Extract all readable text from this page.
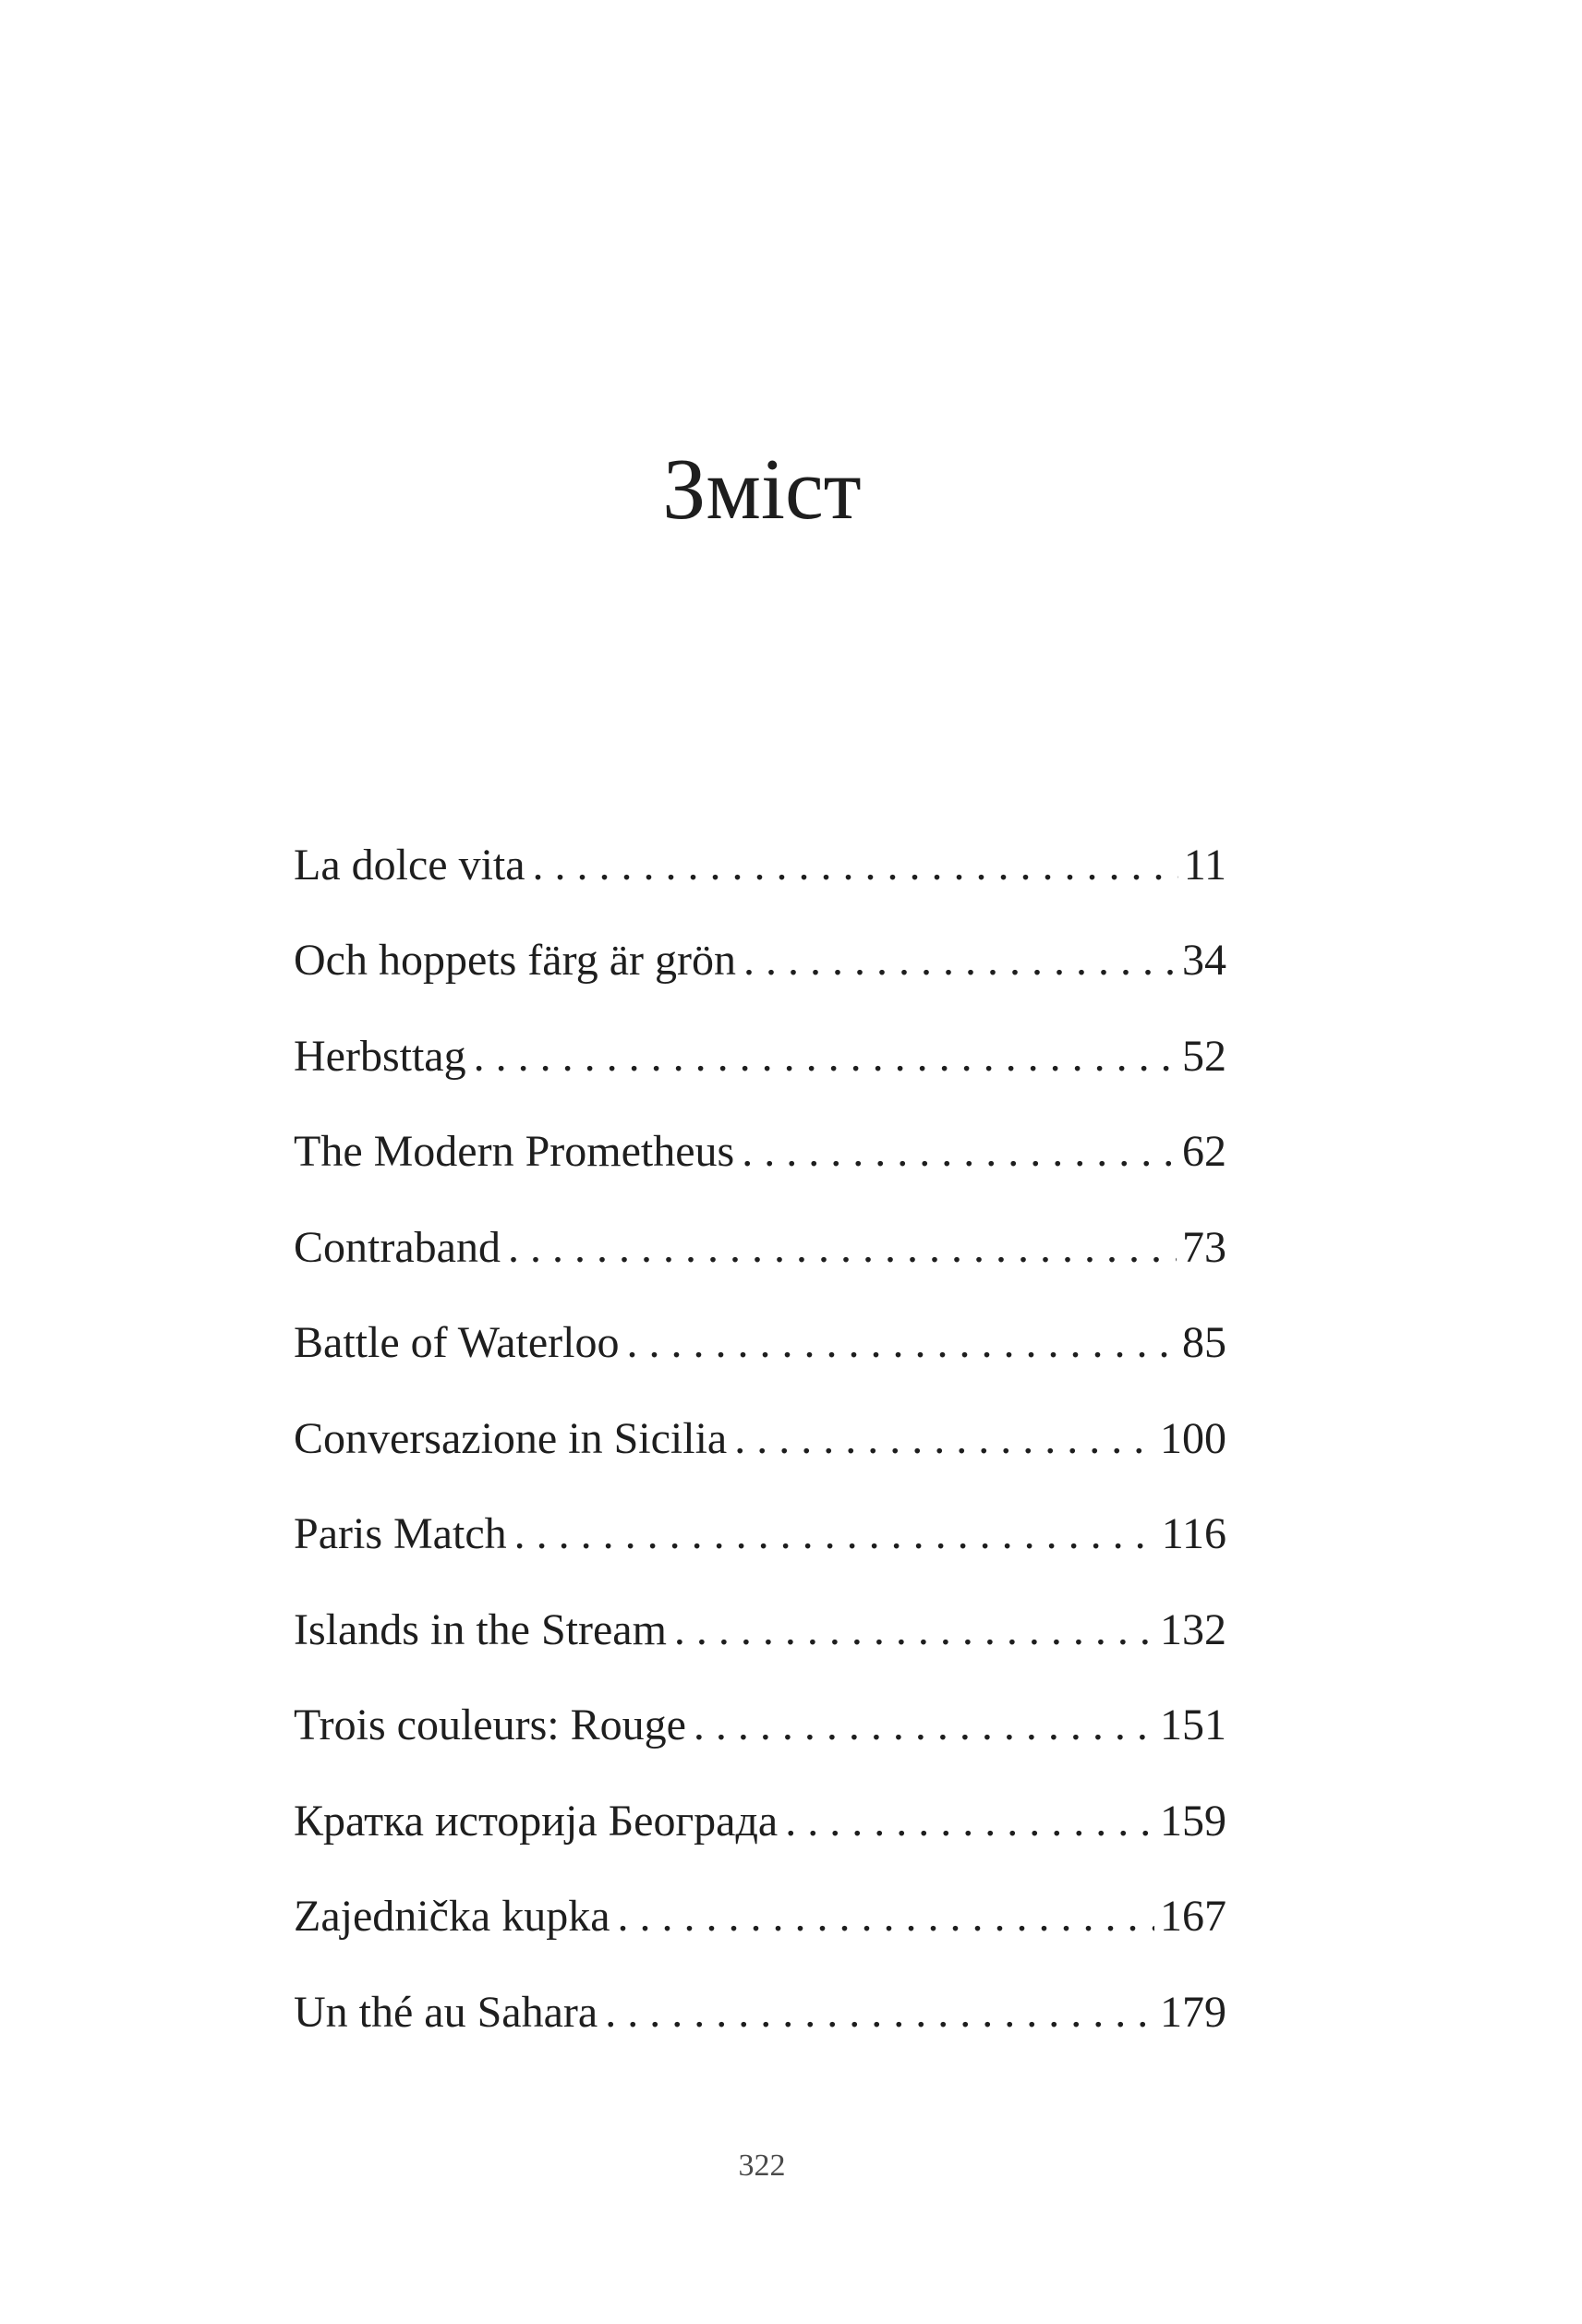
Зміст
La dolce vita . . .	11
Och hoppets färg är grön . . .	34
Herbsttag . . .	52
The Modern Prometheus . . .	62
Contraband . . .	73
Battle of Waterloo . . .	85
Conversazione in Sicilia . . .	100
Paris Match . . .	116
Islands in the Stream . . .	132
Trois couleurs: Rouge . . .	151
Кратка историја Београда . . .	159
Zajednička kupka . . .	167
Un thé au Sahara . . .	179
322
